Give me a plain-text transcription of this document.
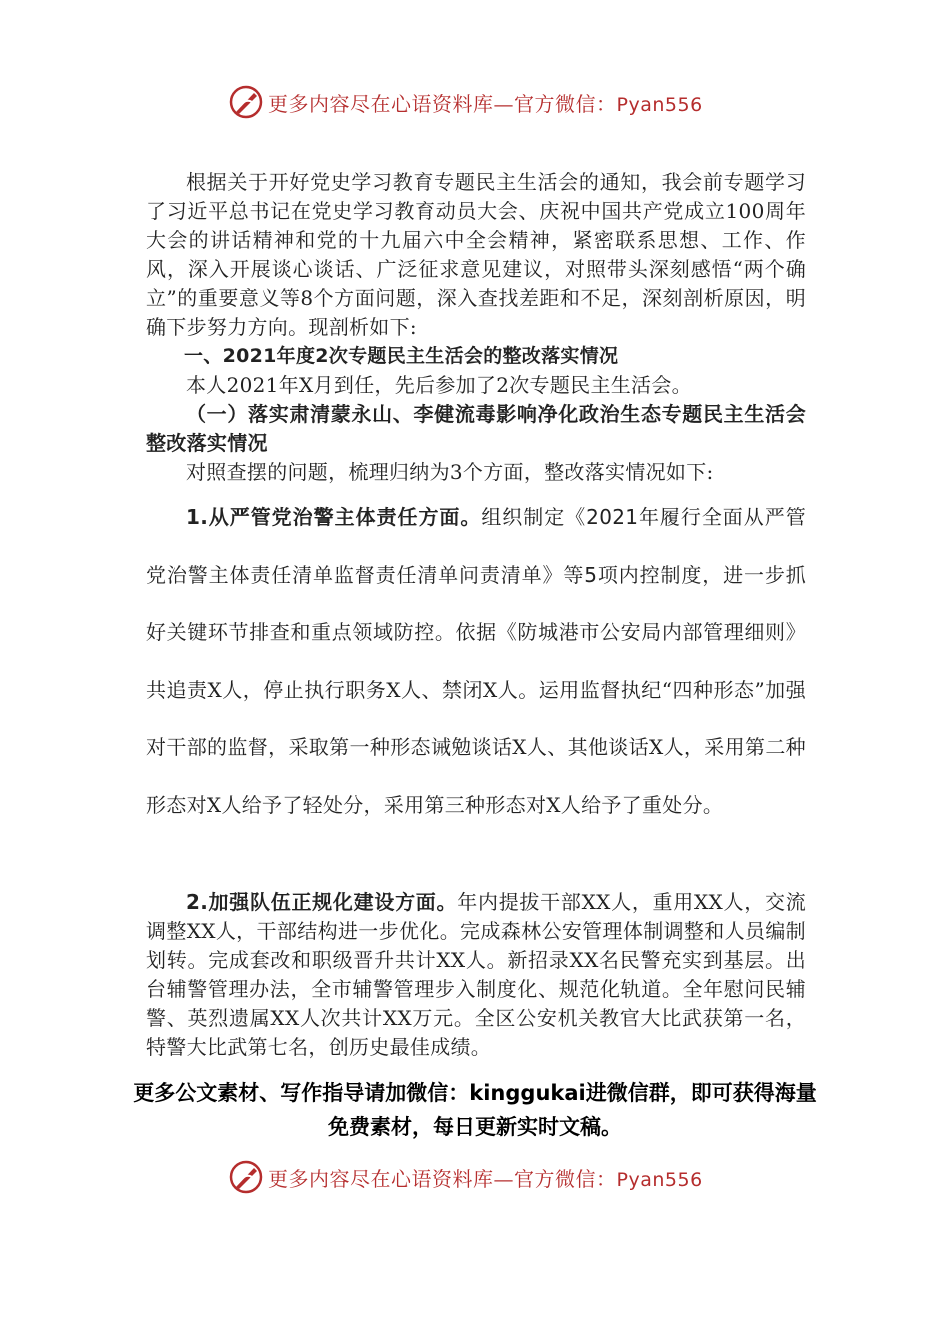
更多内容尽在心语资料库—官方微信：Pyan556

根据关于开好党史学习教育专题民主生活会的通知，我会前专题学习了习近平总书记在党史学习教育动员大会、庆祝中国共产党成立100周年大会的讲话精神和党的十九届六中全会精神，紧密联系思想、工作、作风，深入开展谈心谈话、广泛征求意见建议，对照带头深刻感悟“两个确立”的重要意义等8个方面问题，深入查找差距和不足，深刻剖析原因，明确下步努力方向。现剖析如下:

一、2021年度2次专题民主生活会的整改落实情况

本人2021年X月到任，先后参加了2次专题民主生活会。

（一）落实肃清蒙永山、李健流毒影响净化政治生态专题民主生活会整改落实情况

对照查摆的问题，梳理归纳为3个方面，整改落实情况如下:

1.从严管党治警主体责任方面。组织制定《2021年履行全面从严管党治警主体责任清单监督责任清单问责清单》等5项内控制度，进一步抓好关键环节排查和重点领域防控。依据《防城港市公安局内部管理细则》共追责X人，停止执行职务X人、禁闭X人。运用监督执纪“四种形态”加强对干部的监督，采取第一种形态诫勉谈话X人、其他谈话X人，采用第二种形态对X人给予了轻处分，采用第三种形态对X人给予了重处分。

2.加强队伍正规化建设方面。年内提拔干部XX人，重用XX人，交流调整XX人，干部结构进一步优化。完成森林公安管理体制调整和人员编制划转。完成套改和职级晋升共计XX人。新招录XX名民警充实到基层。出台辅警管理办法，全市辅警管理步入制度化、规范化轨道。全年慰问民辅警、英烈遗属XX人次共计XX万元。全区公安机关教官大比武获第一名，特警大比武第七名，创历史最佳成绩。

更多公文素材、写作指导请加微信：kinggukai进微信群，即可获得海量免费素材，每日更新实时文稿。
更多内容尽在心语资料库—官方微信：Pyan556
